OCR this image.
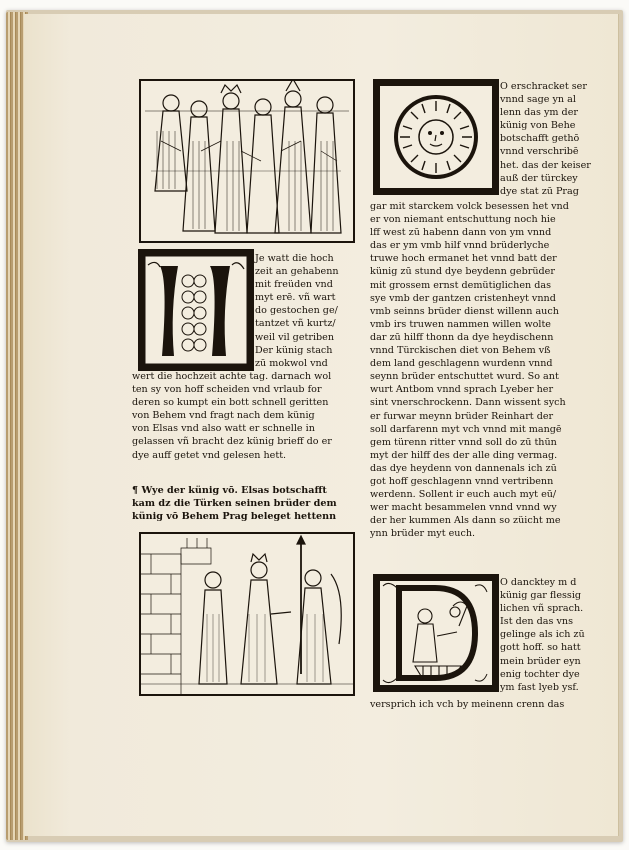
Je watt die hoch

zeit an gehabenn

mit freüden vnd

myt erē. vñ wart

do gestochen ge/

tantzet vñ kurtz/

weil vil getriben

Der künig stach

zū mokwol vnd

wert die hochzeit achte tag. darnach wol

ten sy von hoff scheiden vnd vrlaub for

deren so kumpt ein bott schnell geritten

von Behem vnd fragt nach dem künig

von Elsas vnd also watt er schnelle in

gelassen vñ bracht dez künig brieff do er

dye auff getet vnd gelesen hett.

¶ Wye der künig vō. Elsas botschafft

kam dz die Türken seinen brüder dem

künig vō Behem Prag beleget hettenn

O erschracket ser

vnnd sage yn al

lenn das ym der

künig von Behe

botschafft gethō

vnnd verschribē

het. das der keiser

auß der türckey

dye stat zū Prag

gar mit starckem volck besessen het vnd

er von niemant entschuttung noch hie

lff west zū habenn dann von ym vnnd

das er ym vmb hilf vnnd brüderlyche

truwe hoch ermanet het vnnd batt der

künig zū stund dye beydenn gebrüder

mit grossem ernst demütiglichen das

sye vmb der gantzen cristenheyt vnnd

vmb seinns brüder dienst willenn auch

vmb irs truwen nammen willen wolte

dar zū hilff thonn da dye heydischenn

vnnd Türckischen diet von Behem vß

dem land geschlagenn wurdenn vnnd

seynn brüder entschuttet wurd. So ant

wurt Antbom vnnd sprach Lyeber her

sint vnerschrockenn. Dann wissent sych

er furwar meynn brüder Reinhart der

soll darfarenn myt vch vnnd mit mangē

gem türenn ritter vnnd soll do zū thūn

myt der hilff des der alle ding vermag.

das dye heydenn von dannenals ich zū

got hoff geschlagenn vnnd vertribenn

werdenn. Sollent ir euch auch myt eū/

wer macht besammelen vnnd vnnd wy

der her kummen Als dann so züicht me

ynn brüder myt euch.

O dancktey m d

künig gar flessig

lichen vñ sprach.

Ist den das vns

gelinge als ich zū

gott hoff. so hatt

mein brüder eyn

enig tochter dye

ym fast lyeb ysf.

versprich ich vch by meinenn crenn das
